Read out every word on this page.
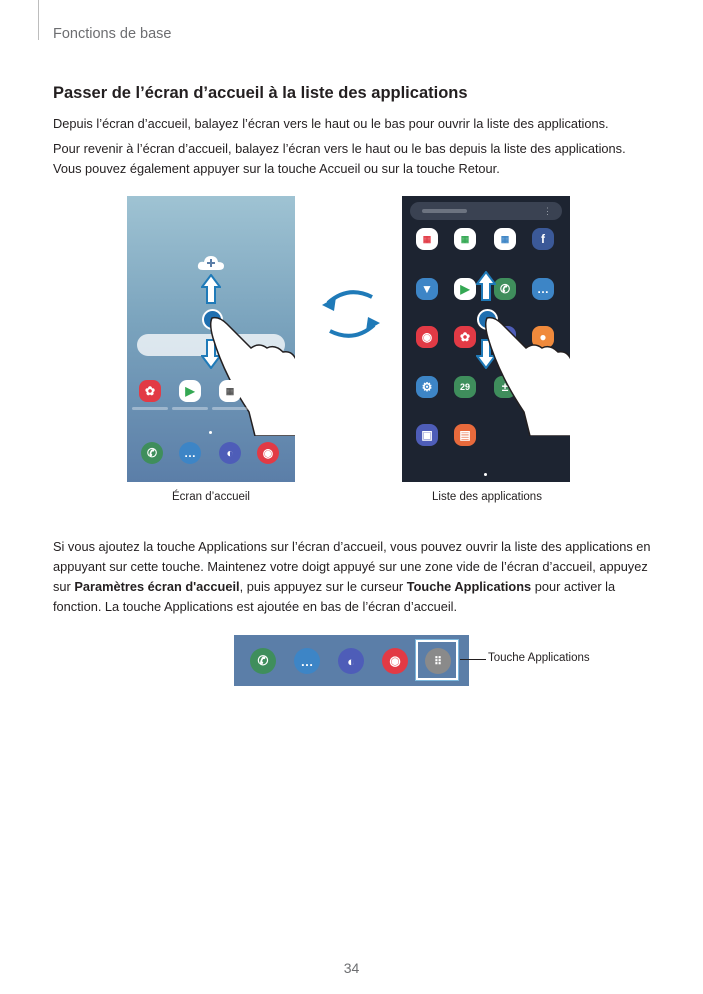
Fonctions de base
Passer de l’écran d’accueil à la liste des applications

Depuis l’écran d’accueil, balayez l’écran vers le haut ou le bas pour ouvrir la liste des applications.

Pour revenir à l’écran d’accueil, balayez l’écran vers le haut ou le bas depuis la liste des applications. Vous pouvez également appuyer sur la touche Accueil ou sur la touche Retour.

✿	▶	▦
✆	…	◐	◉
Écran d’accueil
⋮
▦	▦	▦	f
▼	▶	✆	…
◉	✿	●
⚙	29	±
▣	▤
Liste des applications

Si vous ajoutez la touche Applications sur l’écran d’accueil, vous pouvez ouvrir la liste des applications en appuyant sur cette touche. Maintenez votre doigt appuyé sur une zone vide de l’écran d’accueil, appuyez sur Paramètres écran d'accueil, puis appuyez sur le curseur Touche Applications pour activer la fonction. La touche Applications est ajoutée en bas de l’écran d’accueil.

✆	…	◐	◉	⠿	Touche Applications
34
